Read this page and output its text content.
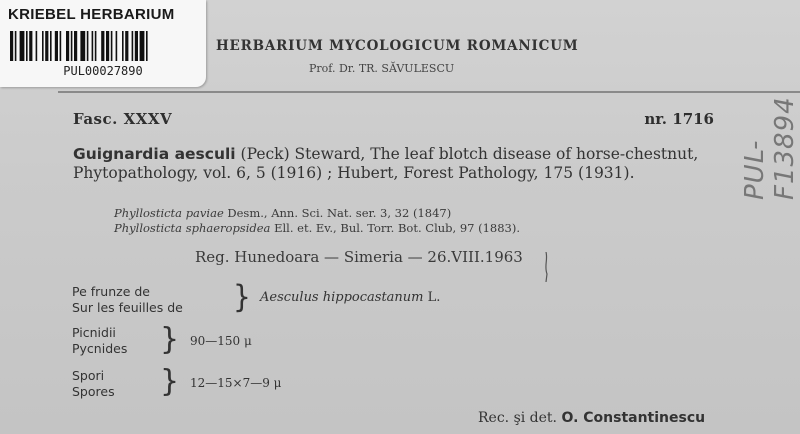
KRIEBEL HERBARIUM
PUL00027890
HERBARIUM MYCOLOGICUM ROMANICUM
Prof. Dr. TR. SĂVULESCU
Fasc. XXXV	nr. 1716
Guignardia aesculi (Peck) Steward, The leaf blotch disease of horse-chestnut, Phytopathology, vol. 6, 5 (1916) ; Hubert, Forest Pathology, 175 (1931).
Phyllosticta paviae Desm., Ann. Sci. Nat. ser. 3, 32 (1847)
Phyllosticta sphaeropsidea Ell. et. Ev., Bul. Torr. Bot. Club, 97 (1883).
Reg. Hunedoara — Simeria — 26.VIII.1963
Pe frunze de
Sur les feuilles de } Aesculus hippocastanum L.
Picnidii
Pycnides } 90—150 μ
Spori
Spores } 12—15×7—9 μ
Rec. şi det. O. Constantinescu
PUL-F13894
